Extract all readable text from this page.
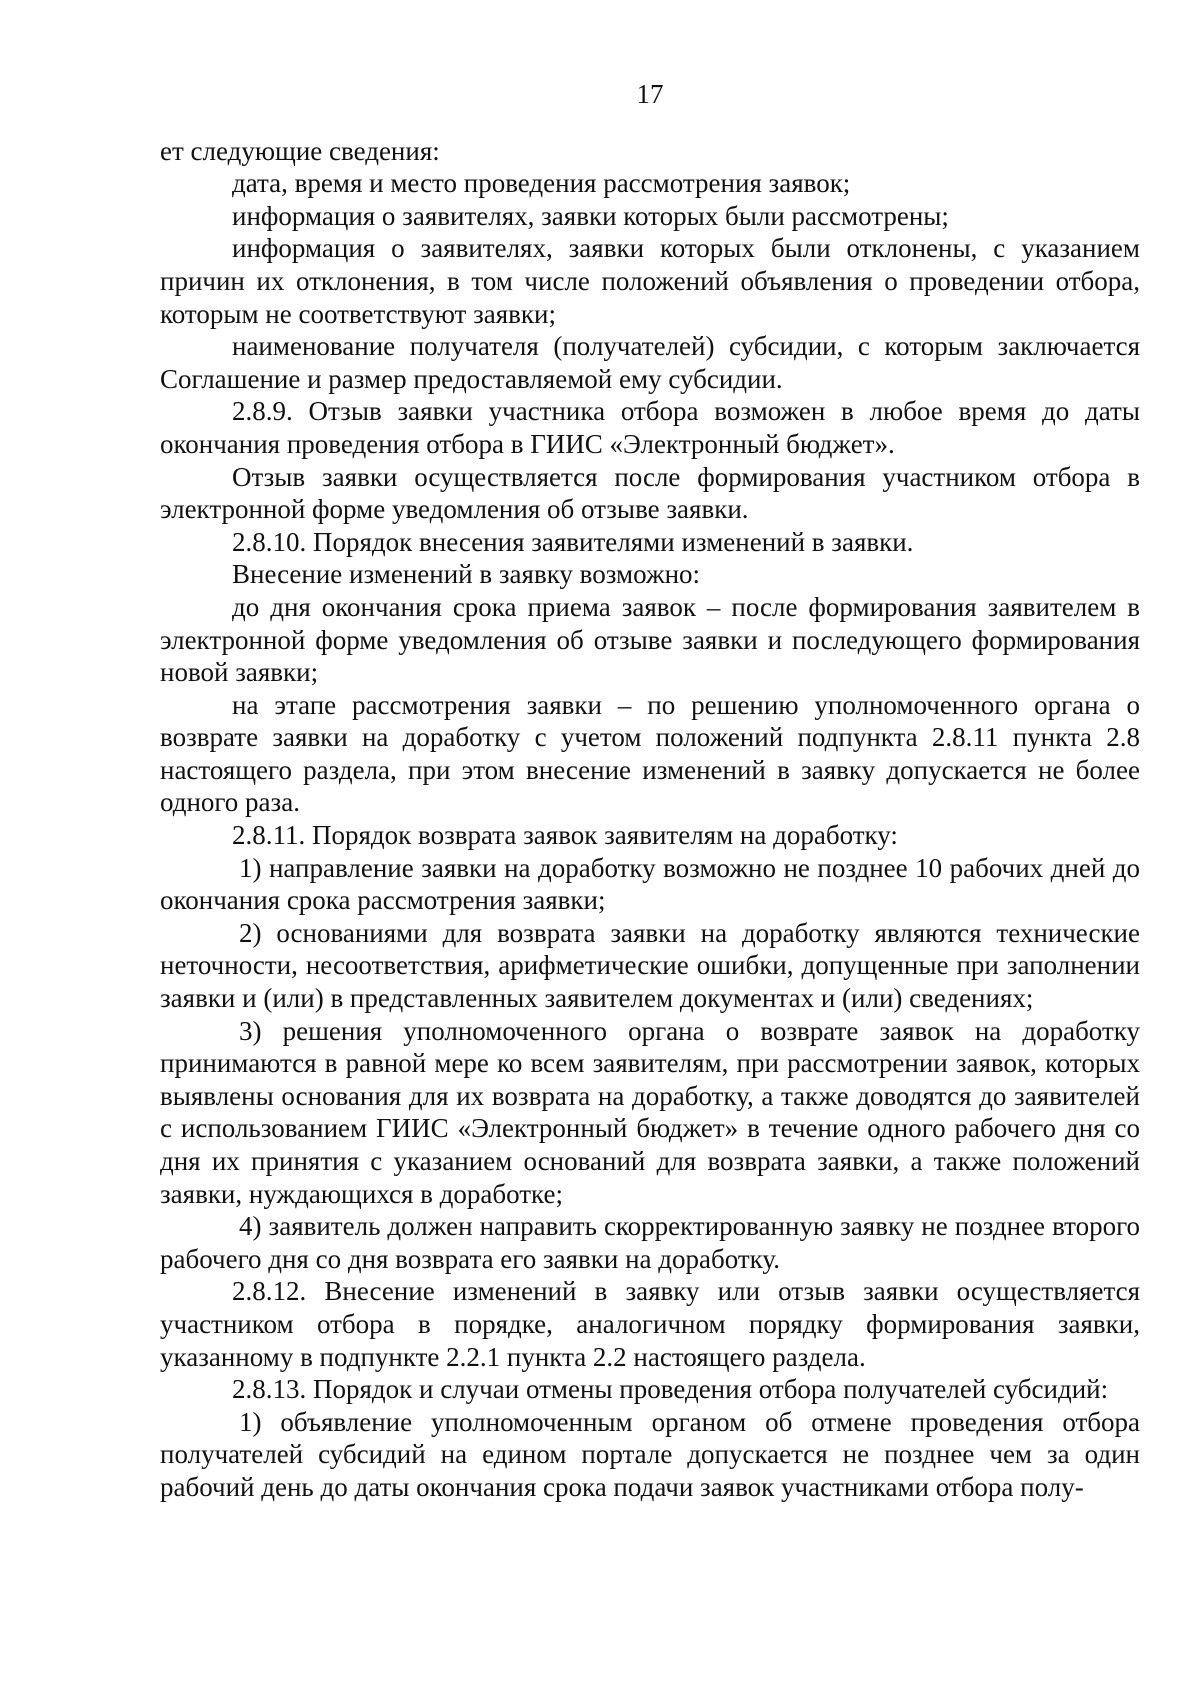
17

ет следующие сведения:

дата, время и место проведения рассмотрения заявок;

информация о заявителях, заявки которых были рассмотрены;

информация о заявителях, заявки которых были отклонены, с указанием причин их отклонения, в том числе положений объявления о проведении отбора, которым не соответствуют заявки;

наименование получателя (получателей) субсидии, с которым заключается Соглашение и размер предоставляемой ему субсидии.

2.8.9. Отзыв заявки участника отбора возможен в любое время до даты окончания проведения отбора в ГИИС «Электронный бюджет».

Отзыв заявки осуществляется после формирования участником отбора в электронной форме уведомления об отзыве заявки.

2.8.10. Порядок внесения заявителями изменений в заявки.

Внесение изменений в заявку возможно:

до дня окончания срока приема заявок – после формирования заявителем в электронной форме уведомления об отзыве заявки и последующего формирования новой заявки;

на этапе рассмотрения заявки – по решению уполномоченного органа о возврате заявки на доработку с учетом положений подпункта 2.8.11 пункта 2.8 настоящего раздела, при этом внесение изменений в заявку допускается не более одного раза.

2.8.11. Порядок возврата заявок заявителям на доработку:

1) направление заявки на доработку возможно не позднее 10 рабочих дней до окончания срока рассмотрения заявки;

2) основаниями для возврата заявки на доработку являются технические неточности, несоответствия, арифметические ошибки, допущенные при заполнении заявки и (или) в представленных заявителем документах и (или) сведениях;

3) решения уполномоченного органа о возврате заявок на доработку принимаются в равной мере ко всем заявителям, при рассмотрении заявок, которых выявлены основания для их возврата на доработку, а также доводятся до заявителей с использованием ГИИС «Электронный бюджет» в течение одного рабочего дня со дня их принятия с указанием оснований для возврата заявки, а также положений заявки, нуждающихся в доработке;

4) заявитель должен направить скорректированную заявку не позднее второго рабочего дня со дня возврата его заявки на доработку.

2.8.12. Внесение изменений в заявку или отзыв заявки осуществляется участником отбора в порядке, аналогичном порядку формирования заявки, указанному в подпункте 2.2.1 пункта 2.2 настоящего раздела.

2.8.13. Порядок и случаи отмены проведения отбора получателей субсидий:

1) объявление уполномоченным органом об отмене проведения отбора получателей субсидий на едином портале допускается не позднее чем за один рабочий день до даты окончания срока подачи заявок участниками отбора полу-
